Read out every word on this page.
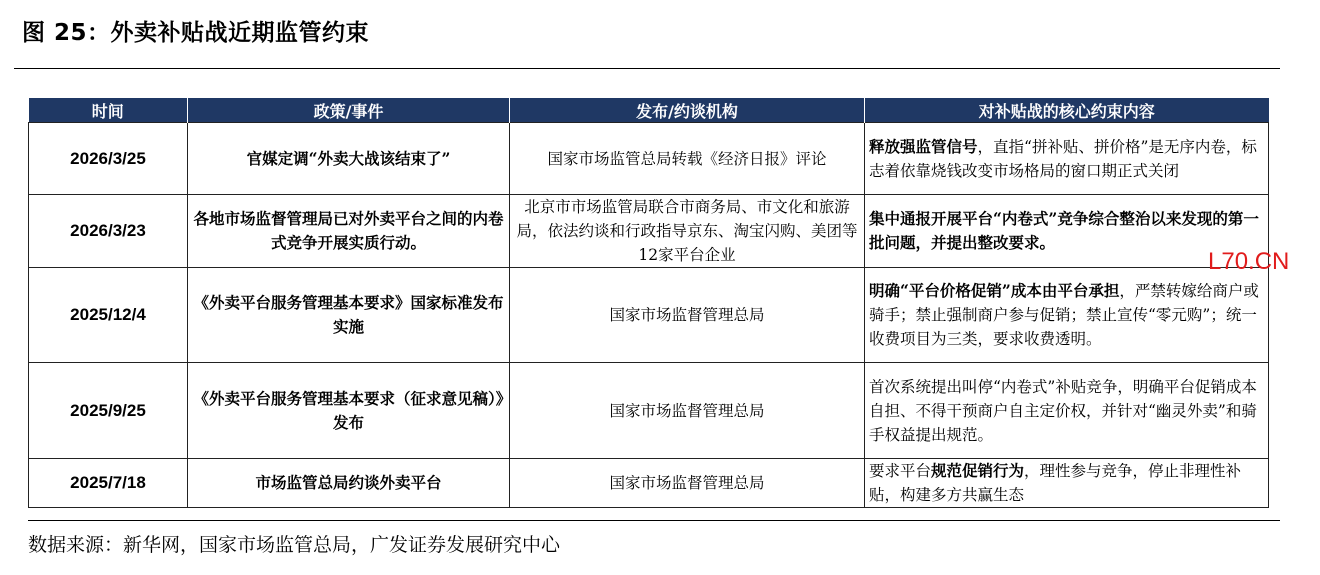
图 25：外卖补贴战近期监管约束
时间	政策/事件	发布/约谈机构	对补贴战的核心约束内容
2026/3/25	官媒定调“外卖大战该结束了”	国家市场监管总局转载《经济日报》评论	释放强监管信号，直指“拼补贴、拼价格”是无序内卷，标志着依靠烧钱改变市场格局的窗口期正式关闭
2026/3/23	各地市场监督管理局已对外卖平台之间的内卷式竞争开展实质行动。	北京市市场监管局联合市商务局、市文化和旅游局，依法约谈和行政指导京东、淘宝闪购、美团等12家平台企业	集中通报开展平台“内卷式”竞争综合整治以来发现的第一批问题，并提出整改要求。
2025/12/4	《外卖平台服务管理基本要求》国家标准发布实施	国家市场监督管理总局	明确“平台价格促销”成本由平台承担，严禁转嫁给商户或骑手；禁止强制商户参与促销；禁止宣传“零元购”；统一收费项目为三类，要求收费透明。
2025/9/25	《外卖平台服务管理基本要求（征求意见稿）》发布	国家市场监督管理总局	首次系统提出叫停“内卷式”补贴竞争，明确平台促销成本自担、不得干预商户自主定价权，并针对“幽灵外卖”和骑手权益提出规范。
2025/7/18	市场监管总局约谈外卖平台	国家市场监督管理总局	要求平台规范促销行为，理性参与竞争，停止非理性补贴，构建多方共赢生态
数据来源：新华网，国家市场监管总局，广发证券发展研究中心
L70.CN
